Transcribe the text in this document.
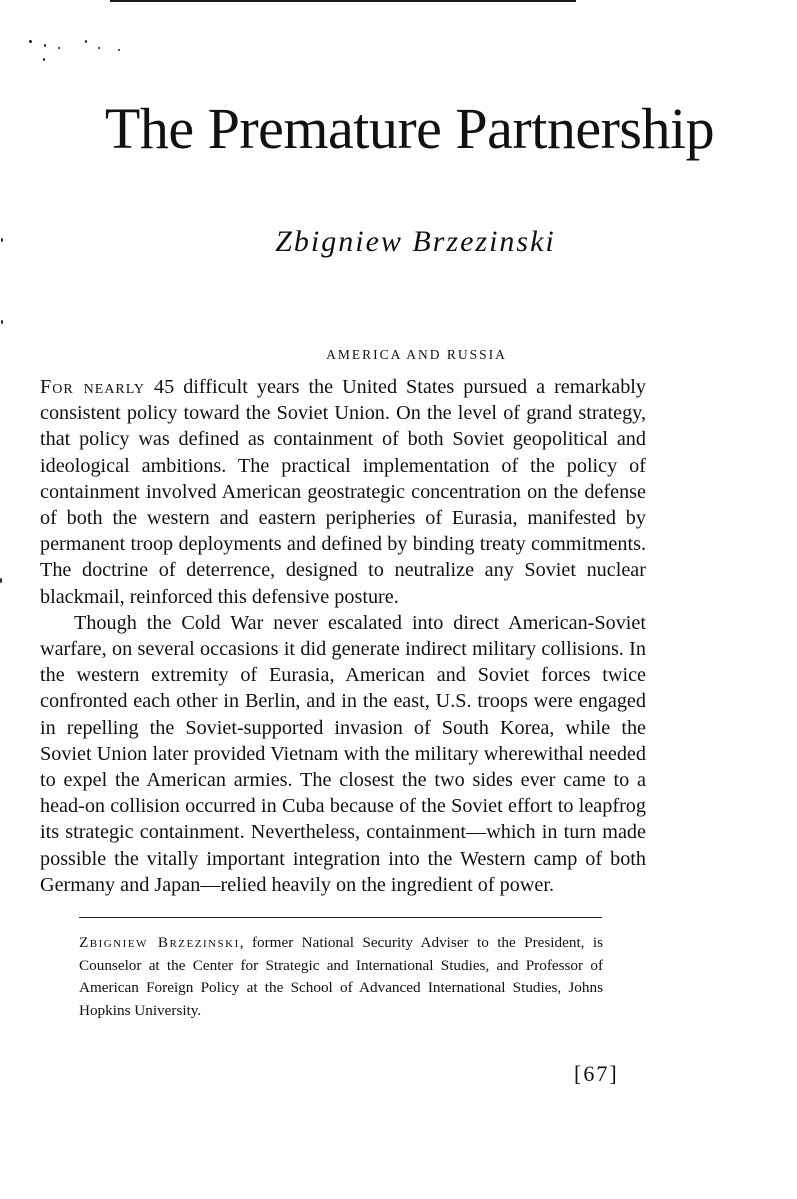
The Premature Partnership
Zbigniew Brzezinski
AMERICA AND RUSSIA

For nearly 45 difficult years the United States pursued a remarkably consistent policy toward the Soviet Union. On the level of grand strategy, that policy was defined as containment of both Soviet geopolitical and ideological ambitions. The practical implementation of the policy of containment involved American geostrategic concentration on the defense of both the western and eastern peripheries of Eurasia, manifested by permanent troop deployments and defined by binding treaty commitments. The doctrine of deterrence, designed to neutralize any Soviet nuclear blackmail, reinforced this defensive posture.

Though the Cold War never escalated into direct American-Soviet warfare, on several occasions it did generate indirect military collisions. In the western extremity of Eurasia, American and Soviet forces twice confronted each other in Berlin, and in the east, U.S. troops were engaged in repelling the Soviet-supported invasion of South Korea, while the Soviet Union later provided Vietnam with the military wherewithal needed to expel the American armies. The closest the two sides ever came to a head-on collision occurred in Cuba because of the Soviet effort to leapfrog its strategic containment. Nevertheless, containment—which in turn made possible the vitally important integration into the Western camp of both Germany and Japan—relied heavily on the ingredient of power.

Zbigniew Brzezinski, former National Security Adviser to the President, is Counselor at the Center for Strategic and International Studies, and Professor of American Foreign Policy at the School of Advanced International Studies, Johns Hopkins University.
[67]
